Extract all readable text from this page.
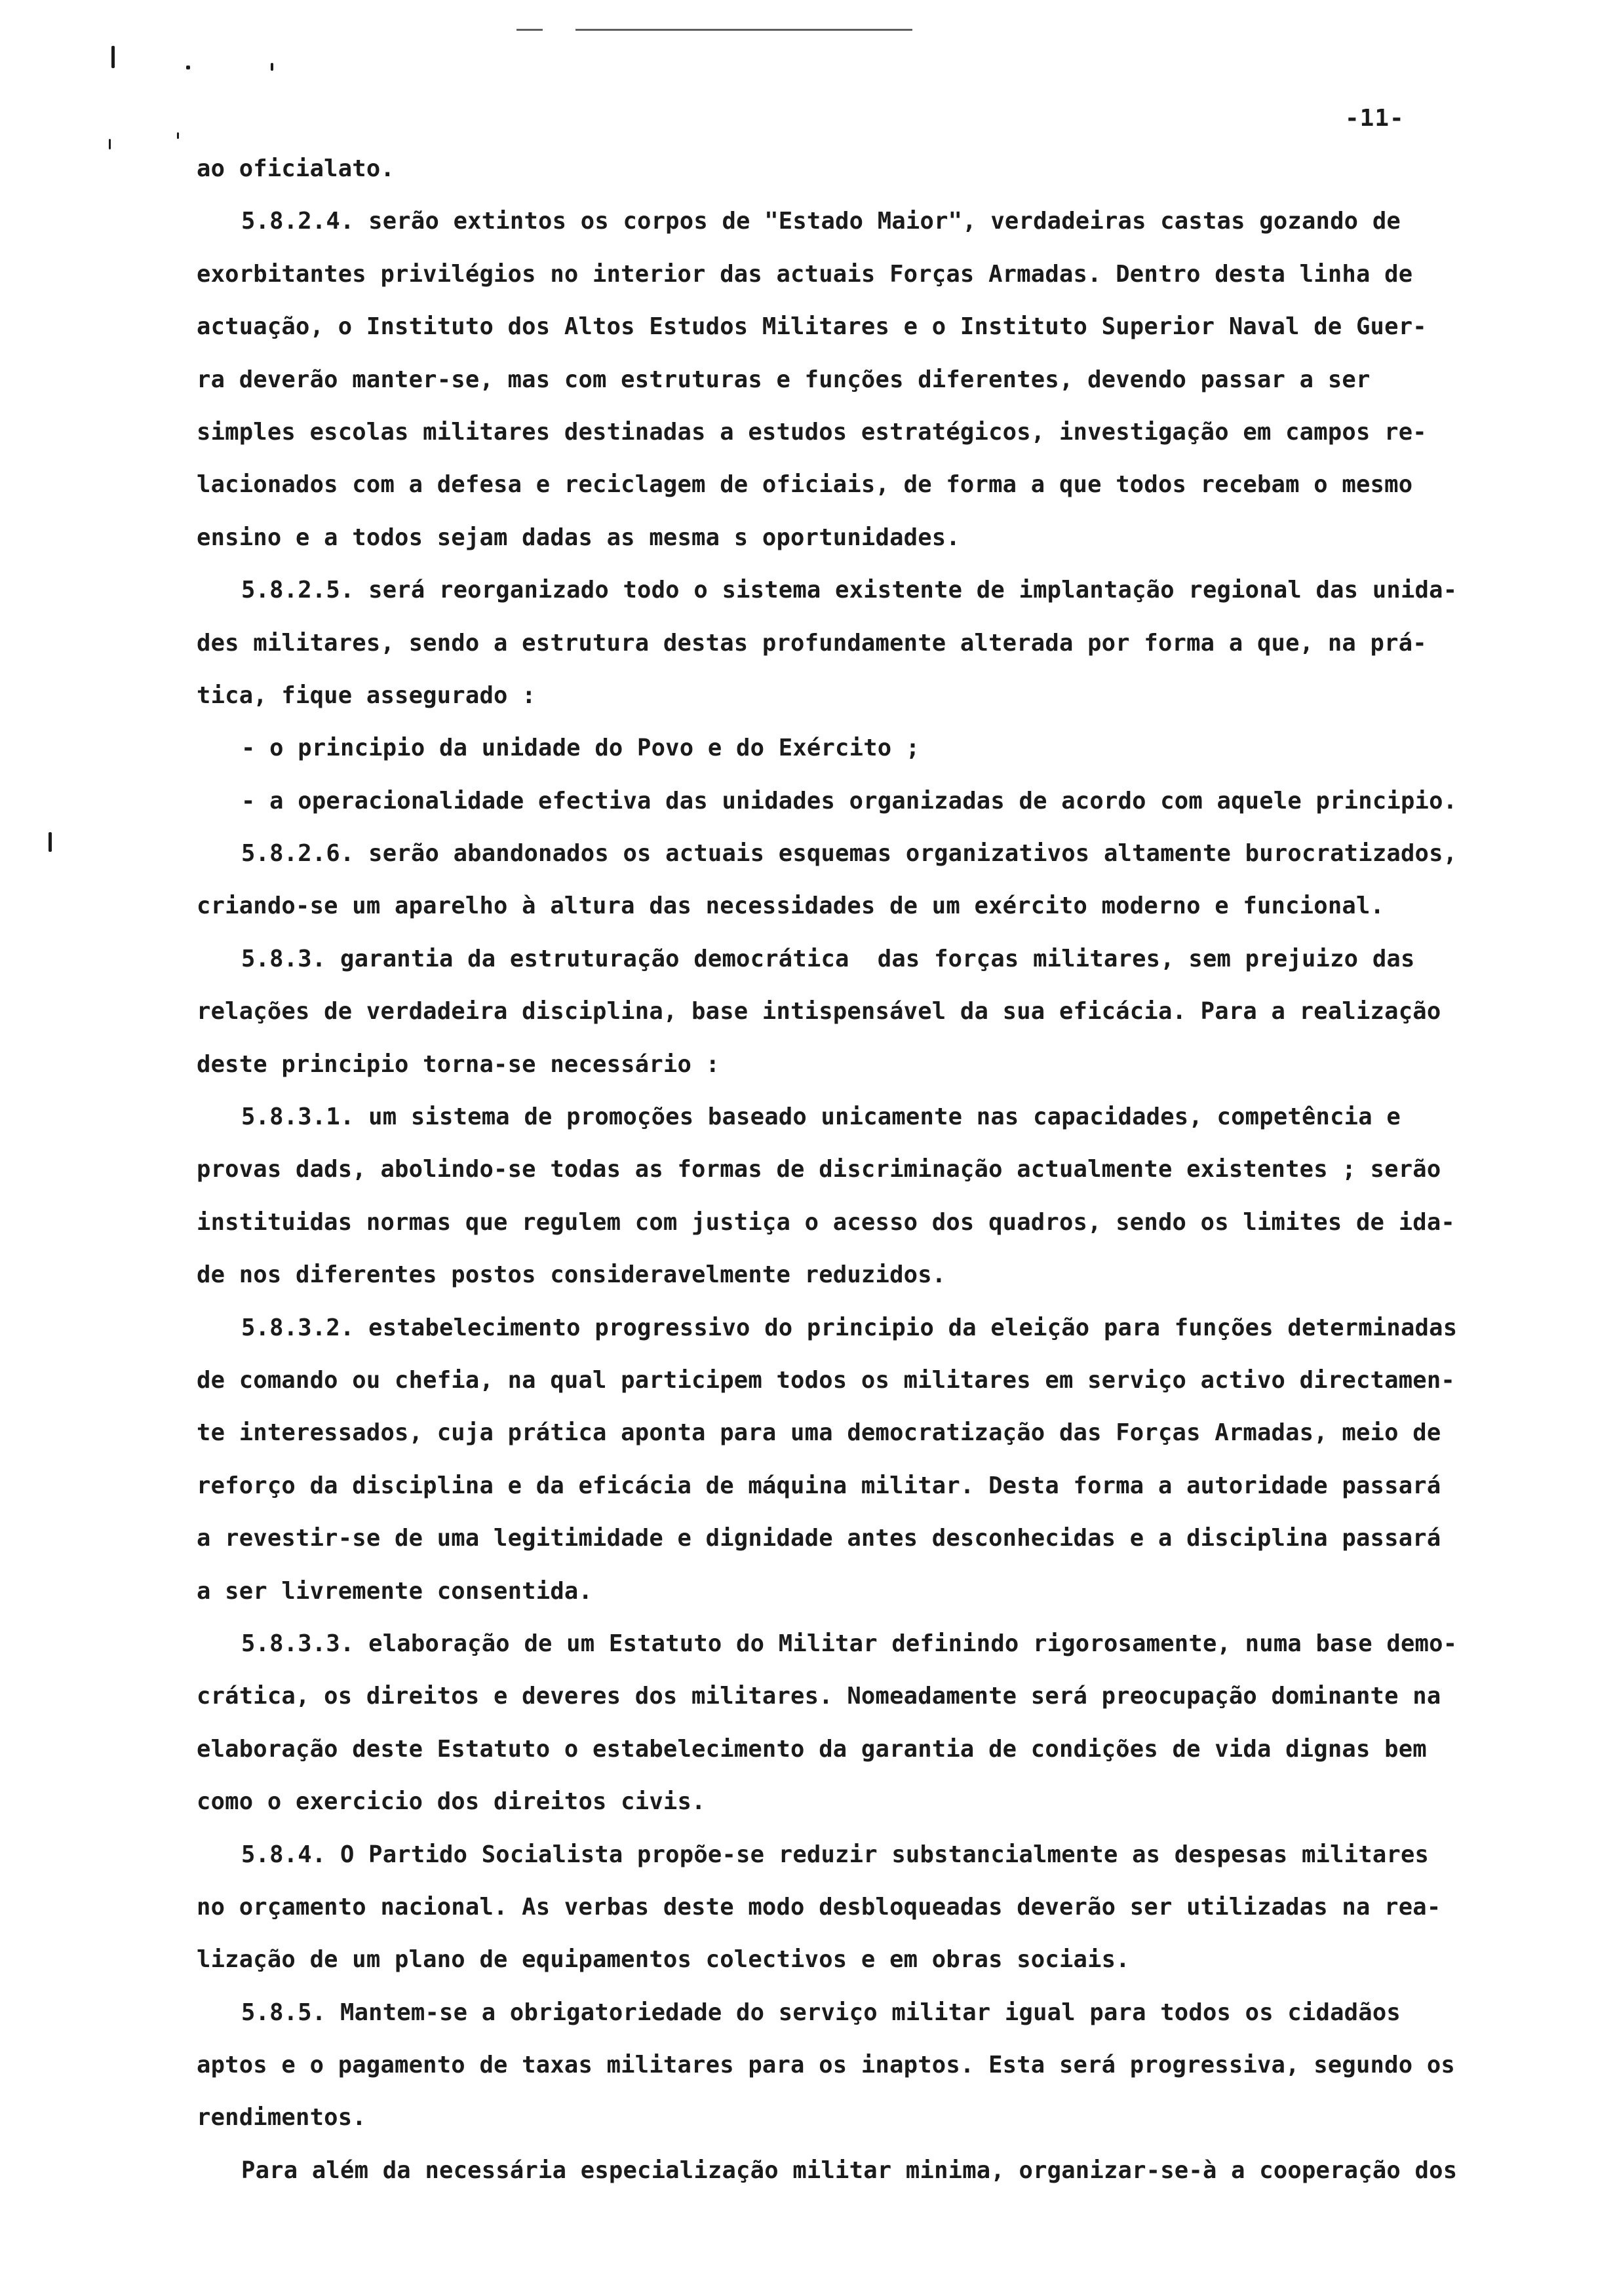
-11-
ao oficialato.
5.8.2.4. serão extintos os corpos de "Estado Maior", verdadeiras castas gozando de
exorbitantes privilégios no interior das actuais Forças Armadas. Dentro desta linha de
actuação, o Instituto dos Altos Estudos Militares e o Instituto Superior Naval de Guer-
ra deverão manter-se, mas com estruturas e funções diferentes, devendo passar a ser
simples escolas militares destinadas a estudos estratégicos, investigação em campos re-
lacionados com a defesa e reciclagem de oficiais, de forma a que todos recebam o mesmo
ensino e a todos sejam dadas as mesma s oportunidades.
5.8.2.5. será reorganizado todo o sistema existente de implantação regional das unida-
des militares, sendo a estrutura destas profundamente alterada por forma a que, na prá-
tica, fique assegurado :
- o principio da unidade do Povo e do Exército ;
- a operacionalidade efectiva das unidades organizadas de acordo com aquele principio.
5.8.2.6. serão abandonados os actuais esquemas organizativos altamente burocratizados,
criando-se um aparelho à altura das necessidades de um exército moderno e funcional.
5.8.3. garantia da estruturação democrática  das forças militares, sem prejuizo das
relações de verdadeira disciplina, base intispensável da sua eficácia. Para a realização
deste principio torna-se necessário :
5.8.3.1. um sistema de promoções baseado unicamente nas capacidades, competência e
provas dads, abolindo-se todas as formas de discriminação actualmente existentes ; serão
instituidas normas que regulem com justiça o acesso dos quadros, sendo os limites de ida-
de nos diferentes postos consideravelmente reduzidos.
5.8.3.2. estabelecimento progressivo do principio da eleição para funções determinadas
de comando ou chefia, na qual participem todos os militares em serviço activo directamen-
te interessados, cuja prática aponta para uma democratização das Forças Armadas, meio de
reforço da disciplina e da eficácia de máquina militar. Desta forma a autoridade passará
a revestir-se de uma legitimidade e dignidade antes desconhecidas e a disciplina passará
a ser livremente consentida.
5.8.3.3. elaboração de um Estatuto do Militar definindo rigorosamente, numa base demo-
crática, os direitos e deveres dos militares. Nomeadamente será preocupação dominante na
elaboração deste Estatuto o estabelecimento da garantia de condições de vida dignas bem
como o exercicio dos direitos civis.
5.8.4. O Partido Socialista propõe-se reduzir substancialmente as despesas militares
no orçamento nacional. As verbas deste modo desbloqueadas deverão ser utilizadas na rea-
lização de um plano de equipamentos colectivos e em obras sociais.
5.8.5. Mantem-se a obrigatoriedade do serviço militar igual para todos os cidadãos
aptos e o pagamento de taxas militares para os inaptos. Esta será progressiva, segundo os
rendimentos.
Para além da necessária especialização militar minima, organizar-se-à a cooperação dos
